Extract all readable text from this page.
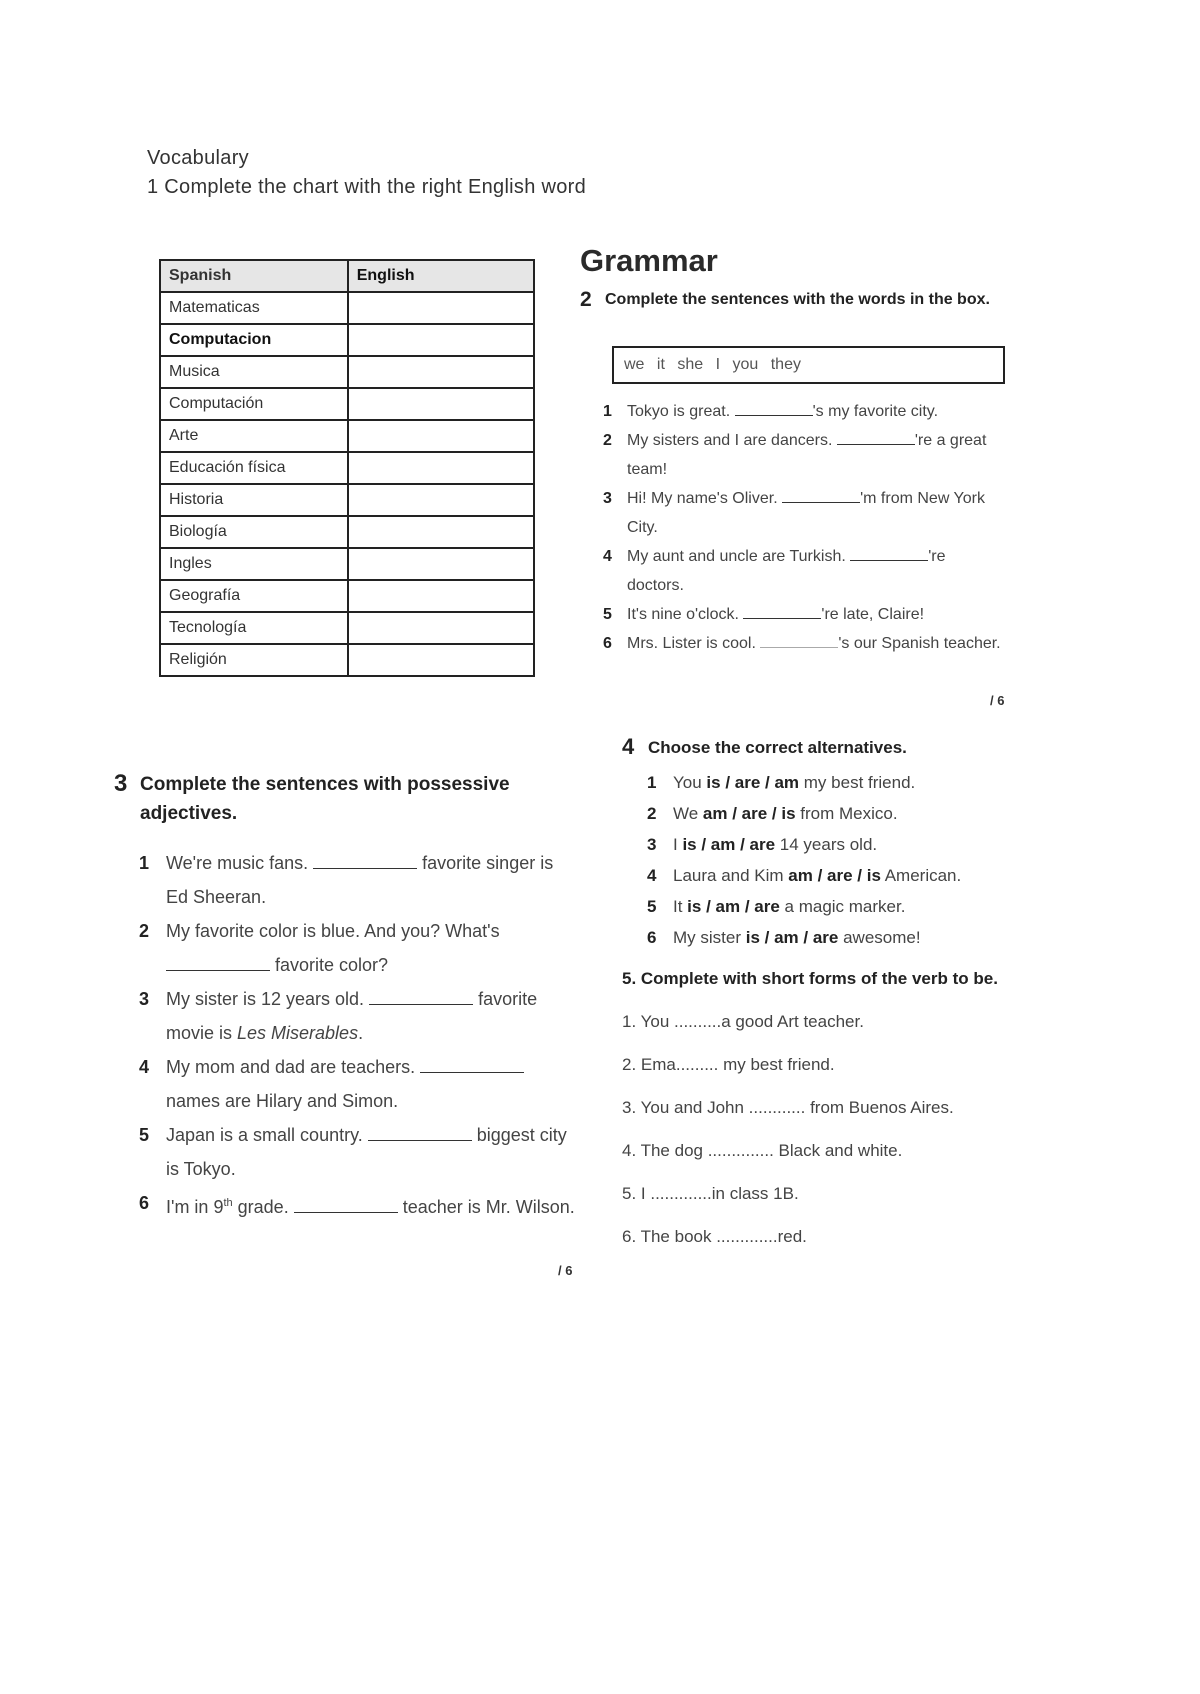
Vocabulary
1 Complete the chart with the right English word
Spanish	English
Matematicas	
Computacion	
Musica	
Computación	
Arte	
Educación física	
Historia	
Biología	
Ingles	
Geografía	
Tecnología	
Religión	
Grammar
2 Complete the sentences with the words in the box.
we it she I you they
1 Tokyo is great.	's my favorite city.
2 My sisters and I are dancers.	're a great team!
3 Hi! My name's Oliver.	'm from New York City.
4 My aunt and uncle are Turkish.	're doctors.
5 It's nine o'clock.	're late, Claire!
6 Mrs. Lister is cool.	's our Spanish teacher.
/ 6
3 Complete the sentences with possessive adjectives.
1 We're music fans.	favorite singer is Ed Sheeran.
2 My favorite color is blue. And you? What's  favorite color?
3 My sister is 12 years old.	favorite movie is Les Miserables.
4 My mom and dad are teachers.  names are Hilary and Simon.
5 Japan is a small country.	biggest city is Tokyo.
6 I'm in 9th grade.	teacher is Mr. Wilson.
/ 6
4 Choose the correct alternatives.
1 You is / are / am my best friend.
2 We am / are / is from Mexico.
3 I is / am / are 14 years old.
4 Laura and Kim am / are / is American.
5 It is / am / are a magic marker.
6 My sister is / am / are awesome!
5. Complete with short forms of the verb to be.
1. You ..........a good Art teacher.
2. Ema......... my best friend.
3. You and John ............ from Buenos Aires.
4. The dog .............. Black and white.
5. I .............in class 1B.
6. The book .............red.
